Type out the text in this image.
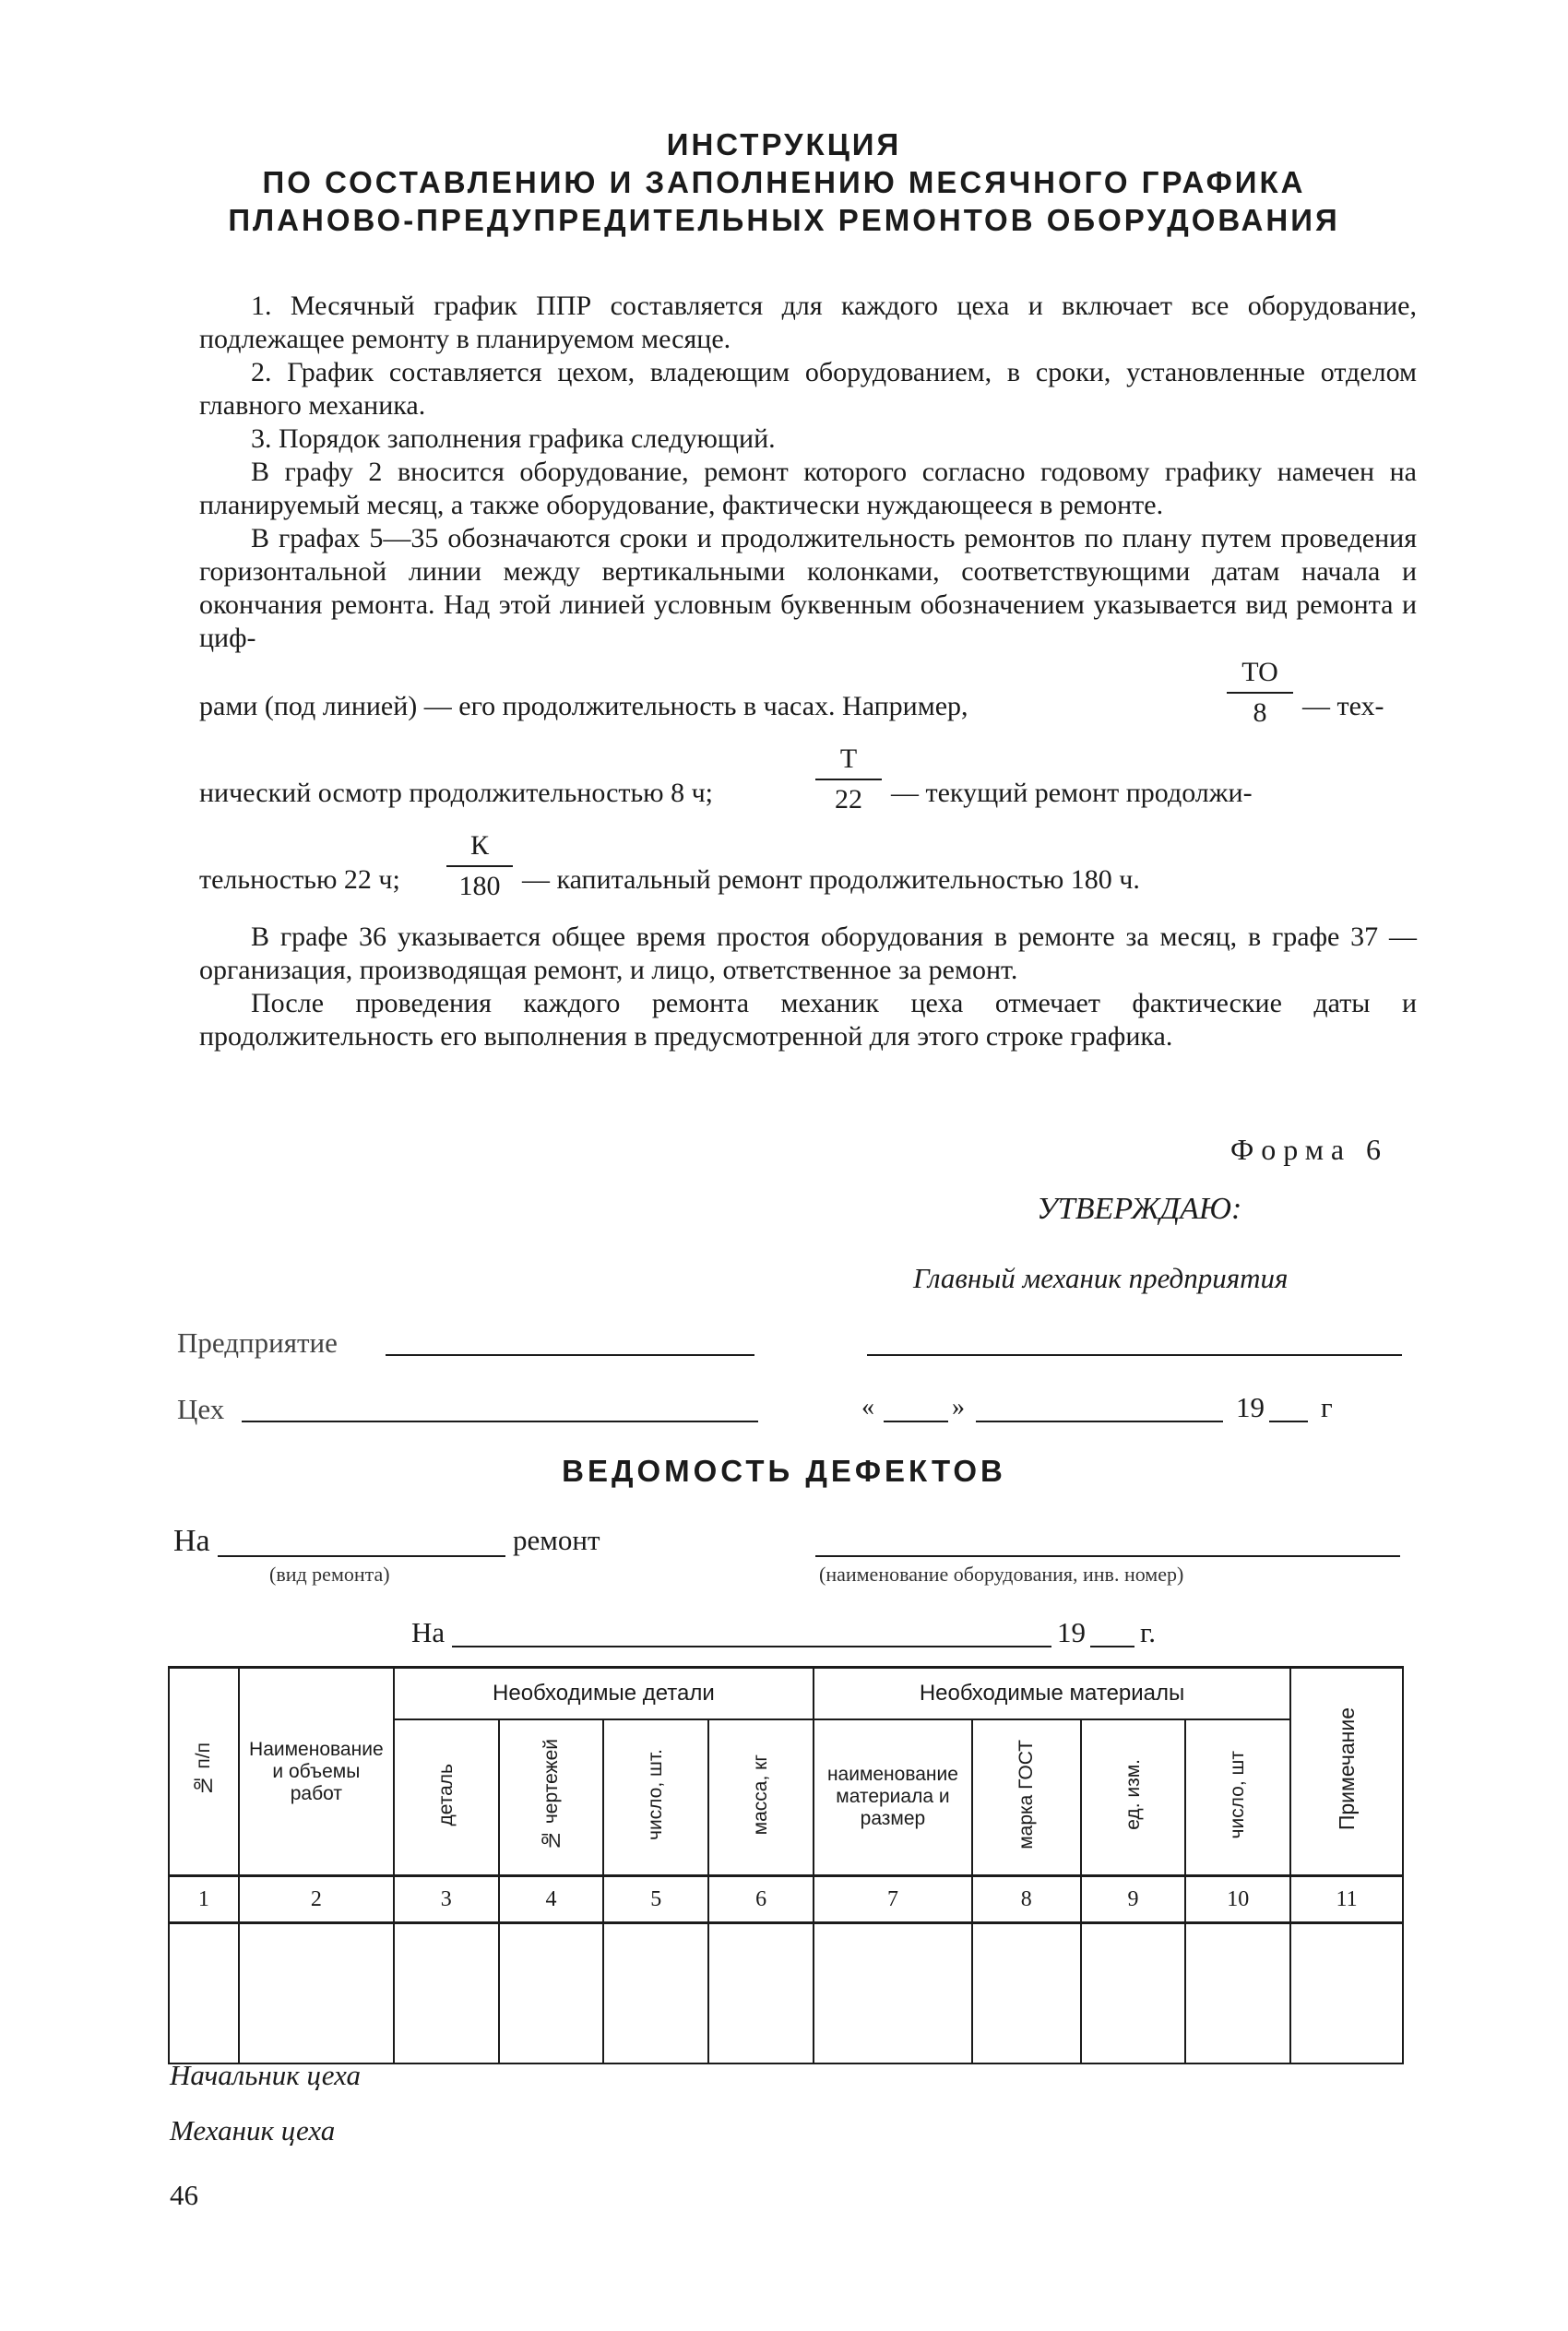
ИНСТРУКЦИЯ
ПО СОСТАВЛЕНИЮ И ЗАПОЛНЕНИЮ МЕСЯЧНОГО ГРАФИКА
ПЛАНОВО-ПРЕДУПРЕДИТЕЛЬНЫХ РЕМОНТОВ ОБОРУДОВАНИЯ

1. Месячный график ППР составляется для каждого цеха и включает все оборудование, подлежащее ремонту в планируемом месяце.

2. График составляется цехом, владеющим оборудованием, в сроки, установленные отделом главного механика.

3. Порядок заполнения графика следующий.

В графу 2 вносится оборудование, ремонт которого согласно годовому графику намечен на планируемый месяц, а также оборудование, фактически нуждающееся в ремонте.

В графах 5—35 обозначаются сроки и продолжительность ремонтов по плану путем проведения горизонтальной линии между вертикальными колонками, соответствующими датам начала и окончания ремонта. Над этой линией условным буквенным обозначением указывается вид ремонта и циф-

рами (под линией) — его продолжительность в часах. Например,
ТО
8	— тех-
нический осмотр продолжительностью 8 ч;
Т
22	— текущий ремонт продолжи-
тельностью 22 ч;
К
180 — капитальный ремонт продолжительностью 180 ч.

В графе 36 указывается общее время простоя оборудования в ремонте за месяц, в графе 37 — организация, производящая ремонт, и лицо, ответственное за ремонт.

После проведения каждого ремонта механик цеха отмечает фактические даты и продолжительность его выполнения в предусмотренной для этого строке графика.

Форма 6
УТВЕРЖДАЮ:
Главный механик предприятия
Предприятие
Цех	«	»	19 г
ВЕДОМОСТЬ ДЕФЕКТОВ
На	ремонт
(вид ремонта)	(наименование оборудования, инв. номер)
На	19 г.
№ п/п	Наименование и объемы работ	Необходимые детали				Необходимые материалы				Примечание
		деталь	№ чертежей	число, шт.	масса, кг	наименование материала и размер	марка ГОСТ	ед. изм.	число, шт	
1	2	3	4	5	6	7	8	9	10	11

Начальник цеха
Механик цеха
46
